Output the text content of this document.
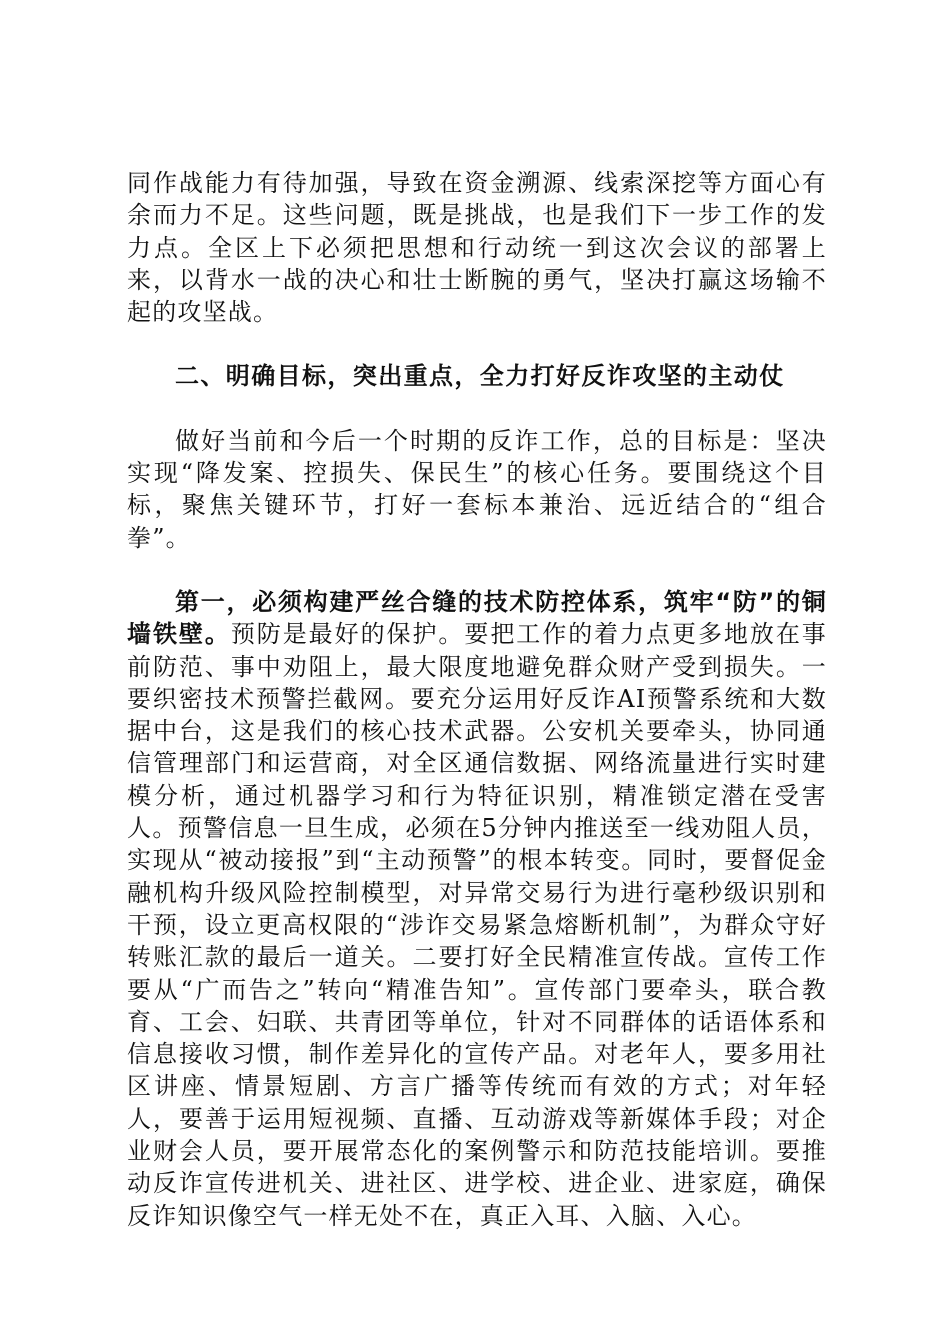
同作战能力有待加强，导致在资金溯源、线索深挖等方面心有余而力不足。这些问题，既是挑战，也是我们下一步工作的发力点。全区上下必须把思想和行动统一到这次会议的部署上来，以背水一战的决心和壮士断腕的勇气，坚决打赢这场输不起的攻坚战。

二、明确目标，突出重点，全力打好反诈攻坚的主动仗

做好当前和今后一个时期的反诈工作，总的目标是：坚决实现“降发案、控损失、保民生”的核心任务。要围绕这个目标，聚焦关键环节，打好一套标本兼治、远近结合的“组合拳”。

第一，必须构建严丝合缝的技术防控体系，筑牢“防”的铜墙铁壁。预防是最好的保护。要把工作的着力点更多地放在事前防范、事中劝阻上，最大限度地避免群众财产受到损失。一要织密技术预警拦截网。要充分运用好反诈AI预警系统和大数据中台，这是我们的核心技术武器。公安机关要牵头，协同通信管理部门和运营商，对全区通信数据、网络流量进行实时建模分析，通过机器学习和行为特征识别，精准锁定潜在受害人。预警信息一旦生成，必须在5分钟内推送至一线劝阻人员，实现从“被动接报”到“主动预警”的根本转变。同时，要督促金融机构升级风险控制模型，对异常交易行为进行毫秒级识别和干预，设立更高权限的“涉诈交易紧急熔断机制”，为群众守好转账汇款的最后一道关。二要打好全民精准宣传战。宣传工作要从“广而告之”转向“精准告知”。宣传部门要牵头，联合教育、工会、妇联、共青团等单位，针对不同群体的话语体系和信息接收习惯，制作差异化的宣传产品。对老年人，要多用社区讲座、情景短剧、方言广播等传统而有效的方式；对年轻人，要善于运用短视频、直播、互动游戏等新媒体手段；对企业财会人员，要开展常态化的案例警示和防范技能培训。要推动反诈宣传进机关、进社区、进学校、进企业、进家庭，确保反诈知识像空气一样无处不在，真正入耳、入脑、入心。
